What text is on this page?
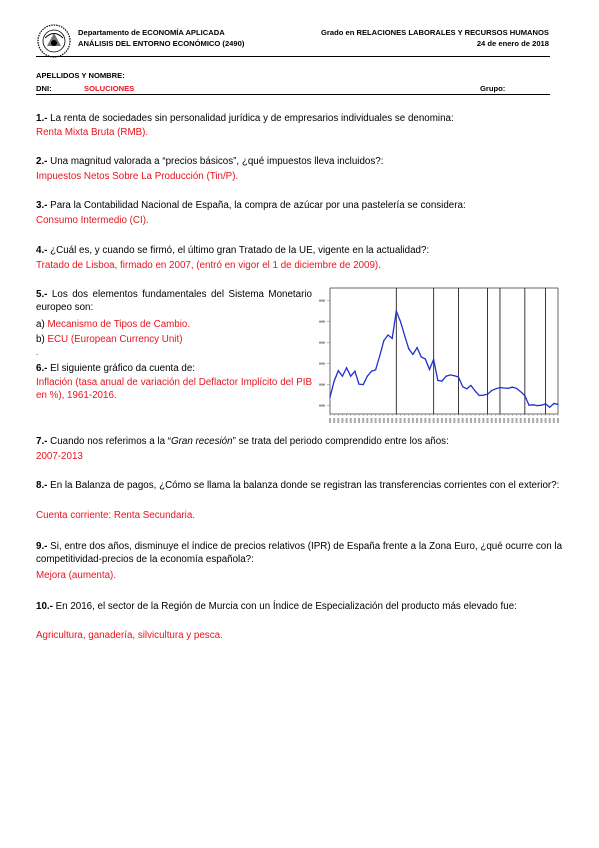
Departamento de ECONOMÍA APLICADA
ANÁLISIS DEL ENTORNO ECONÓMICO (2490)
Grado en RELACIONES LABORALES Y RECURSOS HUMANOS
24 de enero de 2018
APELLIDOS Y NOMBRE:
DNI:	SOLUCIONES	Grupo:
1.- La renta de sociedades sin personalidad jurídica y de empresarios individuales se denomina:
Renta Mixta Bruta (RMB).
2.- Una magnitud valorada a “precios básicos”, ¿qué impuestos lleva incluidos?:
Impuestos Netos Sobre La Producción (Tin/P).
3.- Para la Contabilidad Nacional de España, la compra de azúcar por una pastelería se considera:
Consumo Intermedio (CI).
4.- ¿Cuál es, y cuando se firmó, el último gran Tratado de la UE, vigente en la actualidad?:
Tratado de Lisboa, firmado en 2007, (entró en vigor el 1 de diciembre de 2009).
5.- Los dos elementos fundamentales del Sistema Monetario europeo son:
a) Mecanismo de Tipos de Cambio.
b) ECU (European Currency Unit)
.
6.- El siguiente gráfico da cuenta de:
Inflación (tasa anual de variación del Deflactor Implícito del PIB en %), 1961-2016.
7.- Cuando nos referimos a la “Gran recesión” se trata del periodo comprendido entre los años:
2007-2013
8.- En la Balanza de pagos, ¿Cómo se llama la balanza donde se registran las transferencias corrientes con el exterior?:
Cuenta corriente: Renta Secundaria.
9.- Si, entre dos años, disminuye el índice de precios relativos (IPR) de España frente a la Zona Euro, ¿qué ocurre con la competitividad-precios de la economía española?:
Mejora (aumenta).
10.- En 2016, el sector de la Región de Murcia con un Índice de Especialización del producto más elevado fue:
Agricultura, ganadería, silvicultura y pesca.
